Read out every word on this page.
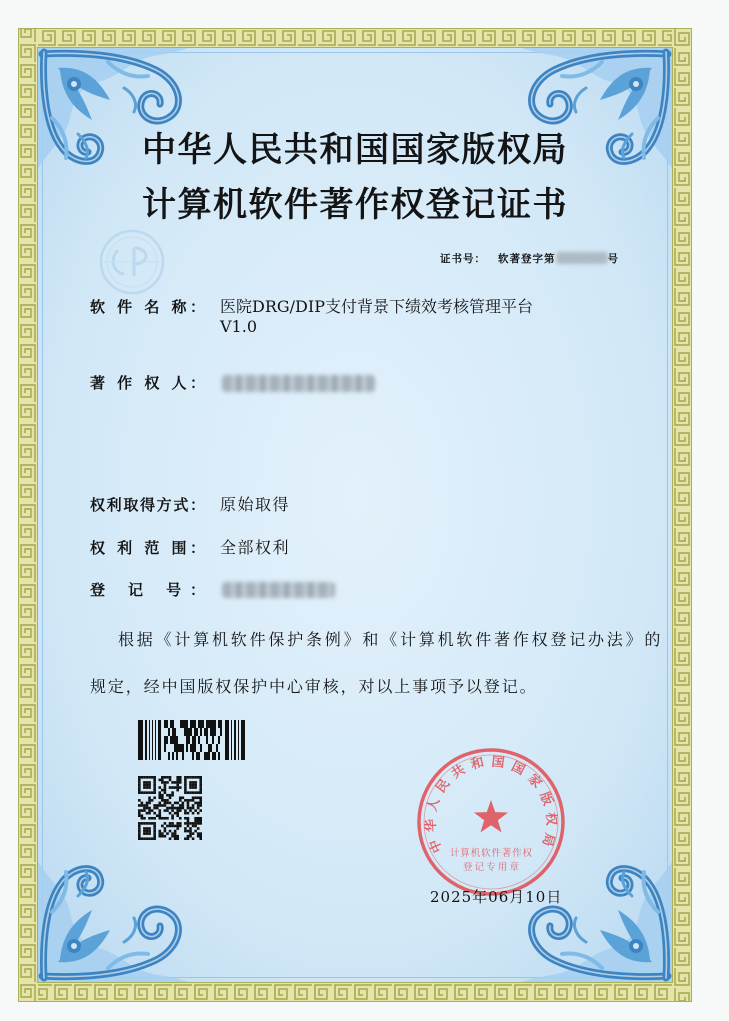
中华人民共和国国家版权局
计算机软件著作权登记证书
证书号： 软著登字第	号
软 件 名 称： 医院DRG/DIP支付背景下绩效考核管理平台
V1.0
著 作 权 人：
权利取得方式： 原始取得
权 利 范 围： 全部权利
登 记 号：
根据《计算机软件保护条例》和《计算机软件著作权登记办法》的
规定，经中国版权保护中心审核，对以上事项予以登记。
中华人民共和国国家版权局
计算机软件著作权
登记专用章
2025年06月10日
